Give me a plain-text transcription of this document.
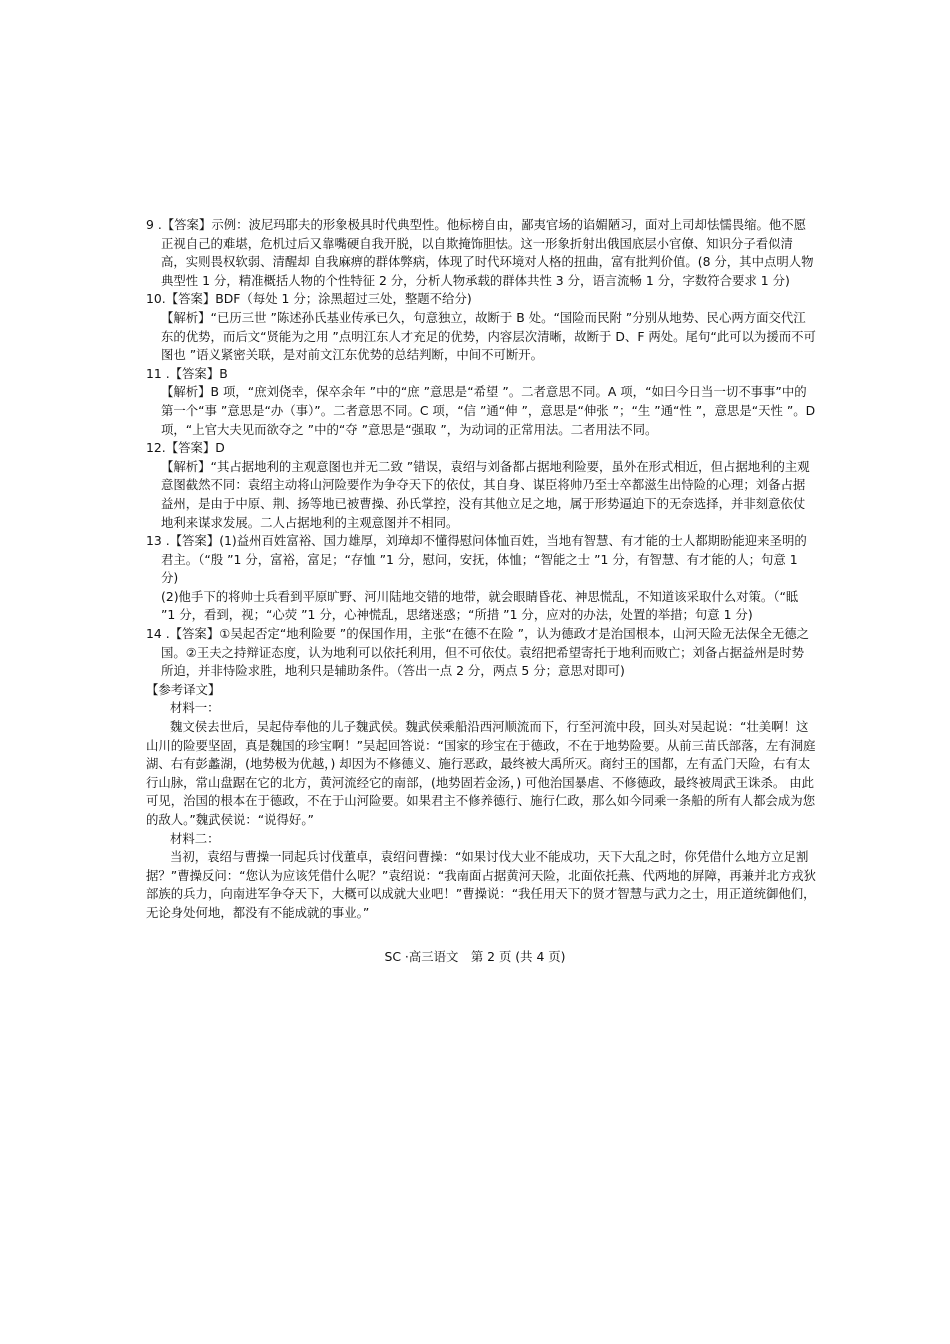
9 .【答案】示例：波尼玛耶夫的形象极具时代典型性。他标榜自由，鄙夷官场的谄媚陋习，面对上司却怯懦畏缩。他不愿正视自己的难堪，危机过后又靠嘴硬自我开脱，以自欺掩饰胆怯。这一形象折射出俄国底层小官僚、知识分子看似清高，实则畏权软弱、清醒却 自我麻痹的群体弊病，体现了时代环境对人格的扭曲，富有批判价值。(8 分，其中点明人物典型性 1 分，精准概括人物的个性特征 2 分，分析人物承载的群体共性 3 分，语言流畅 1 分，字数符合要求 1 分)

10.【答案】BDF（每处 1 分；涂黑超过三处，整题不给分)

【解析】“已历三世 ”陈述孙氏基业传承已久，句意独立，故断于 B 处。“国险而民附 ”分别从地势、民心两方面交代江东的优势，而后文“贤能为之用 ”点明江东人才充足的优势，内容层次清晰，故断于 D、F 两处。尾句“此可以为援而不可图也 ”语义紧密关联，是对前文江东优势的总结判断，中间不可断开。

11 .【答案】B

【解析】B 项，“庶刘侥幸，保卒余年 ”中的“庶 ”意思是“希望 ”。二者意思不同。A 项，“如曰今日当一切不事事”中的第一个“事 ”意思是“办（事）”。二者意思不同。C 项，“信 ”通“伸 ”，意思是“伸张 ”；“生 ”通“性 ”，意思是“天性 ”。D 项，“上官大夫见而欲夺之 ”中的“夺 ”意思是“强取 ”，为动词的正常用法。二者用法不同。

12.【答案】D

【解析】“其占据地利的主观意图也并无二致 ”错误，袁绍与刘备都占据地利险要，虽外在形式相近，但占据地利的主观意图截然不同：袁绍主动将山河险要作为争夺天下的依仗，其自身、谋臣将帅乃至士卒都滋生出恃险的心理；刘备占据益州，是由于中原、荆、扬等地已被曹操、孙氏掌控，没有其他立足之地，属于形势逼迫下的无奈选择，并非刻意依仗地利来谋求发展。二人占据地利的主观意图并不相同。

13 .【答案】(1)益州百姓富裕、国力雄厚，刘璋却不懂得慰问体恤百姓，当地有智慧、有才能的士人都期盼能迎来圣明的君主。（“殷 ”1 分，富裕，富足；“存恤 ”1 分，慰问，安抚，体恤；“智能之士 ”1 分，有智慧、有才能的人；句意 1 分)

(2)他手下的将帅士兵看到平原旷野、河川陆地交错的地带，就会眼睛昏花、神思慌乱，不知道该采取什么对策。（“眡 ”1 分，看到，视；“心荧 ”1 分，心神慌乱，思绪迷惑；“所措 ”1 分，应对的办法，处置的举措；句意 1 分)

14 .【答案】①吴起否定“地利险要 ”的保国作用，主张“在德不在险 ”，认为德政才是治国根本，山河天险无法保全无德之国。②王夫之持辩证态度，认为地利可以依托利用，但不可依仗。袁绍把希望寄托于地利而败亡；刘备占据益州是时势所迫，并非恃险求胜，地利只是辅助条件。（答出一点 2 分，两点 5 分；意思对即可)

【参考译文】
材料一：
魏文侯去世后，吴起侍奉他的儿子魏武侯。魏武侯乘船沿西河顺流而下，行至河流中段，回头对吴起说：“壮美啊！这山川的险要坚固，真是魏国的珍宝啊！”吴起回答说：“国家的珍宝在于德政，不在于地势险要。从前三苗氏部落，左有洞庭湖、右有彭蠡湖，(地势极为优越，) 却因为不修德义、施行恶政，最终被大禹所灭。商纣王的国都，左有孟门天险，右有太行山脉，常山盘踞在它的北方，黄河流经它的南部，(地势固若金汤，) 可他治国暴虐、不修德政，最终被周武王诛杀。 由此可见，治国的根本在于德政，不在于山河险要。如果君主不修养德行、施行仁政，那么如今同乘一条船的所有人都会成为您的敌人。”魏武侯说：“说得好。”
材料二：
当初，袁绍与曹操一同起兵讨伐董卓，袁绍问曹操：“如果讨伐大业不能成功，天下大乱之时，你凭借什么地方立足割据？”曹操反问：“您认为应该凭借什么呢？”袁绍说：“我南面占据黄河天险，北面依托燕、代两地的屏障，再兼并北方戎狄部族的兵力，向南进军争夺天下，大概可以成就大业吧！”曹操说：“我任用天下的贤才智慧与武力之士，用正道统御他们，无论身处何地，都没有不能成就的事业。”
SC ·高三语文　第 2 页 (共 4 页)
